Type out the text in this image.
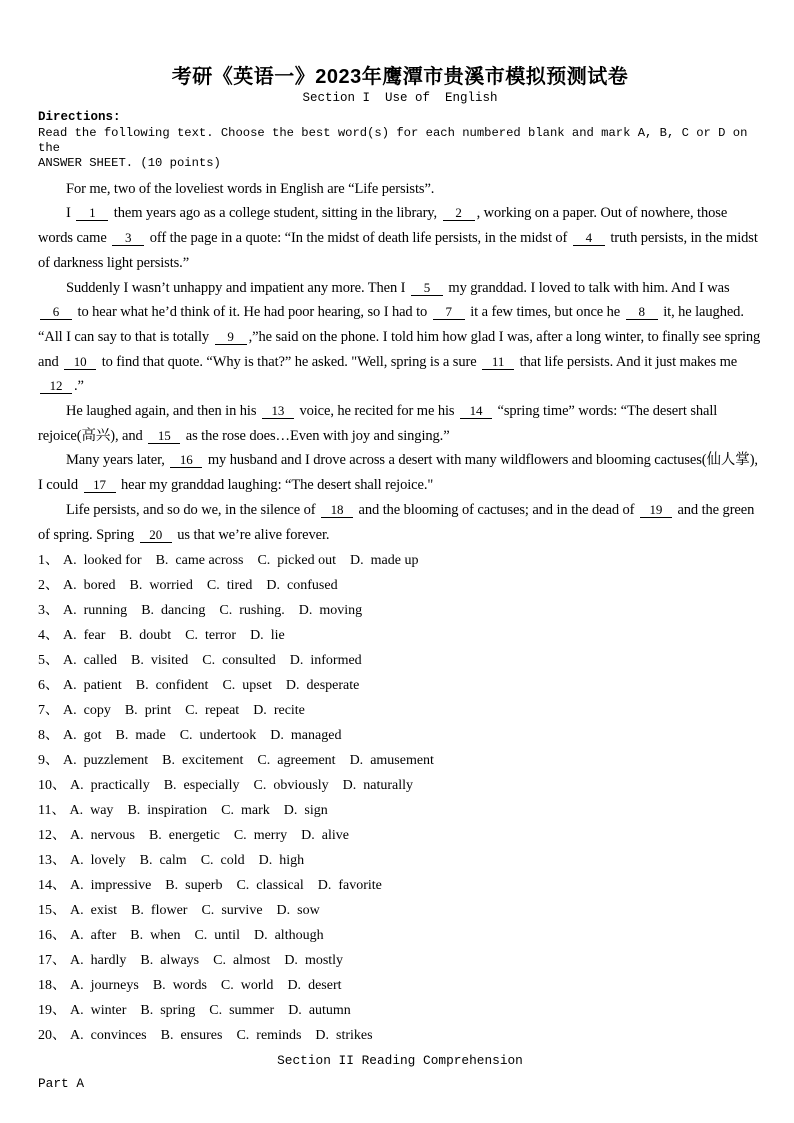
考研《英语一》2023年鹰潭市贵溪市模拟预测试卷
Section I  Use of  English
Directions:
Read the following text. Choose the best word(s) for each numbered blank and mark A, B, C or D on the
ANSWER SHEET. (10 points)

For me, two of the loveliest words in English are “Life persists”.

I 1 them years ago as a college student, sitting in the library, 2 , working on a paper. Out of nowhere, those words came 3 off the page in a quote: “In the midst of death life persists, in the midst of 4 truth persists, in the midst of darkness light persists.”

Suddenly I wasn’t unhappy and impatient any more. Then I 5 my granddad. I loved to talk with him. And I was 6 to hear what he’d think of it. He had poor hearing, so I had to 7 it a few times, but once he 8 it, he laughed. “All I can say to that is totally 9 ,”he said on the phone. I told him how glad I was, after a long winter, to finally see spring and 10 to find that quote. “Why is that?” he asked. "Well, spring is a sure 11 that life persists. And it just makes me 12 .”

He laughed again, and then in his 13 voice, he recited for me his 14 “spring time” words: “The desert shall rejoice(高兴), and 15 as the rose does…Even with joy and singing.”

Many years later, 16 my husband and I drove across a desert with many wildflowers and blooming cactuses(仙人掌), I could 17 hear my granddad laughing: “The desert shall rejoice."

Life persists, and so do we, in the silence of 18 and the blooming of cactuses; and in the dead of 19 and the green of spring. Spring 20 us that we’re alive forever.

1、 A. looked for B. came across C. picked out D. made up
2、 A. bored B. worried C. tired D. confused
3、 A. running B. dancing C. rushing. D. moving
4、 A. fear B. doubt C. terror D. lie
5、 A. called B. visited C. consulted D. informed
6、 A. patient B. confident C. upset D. desperate
7、 A. copy B. print C. repeat D. recite
8、 A. got B. made C. undertook D. managed
9、 A. puzzlement B. excitement C. agreement D. amusement
10、 A. practically B. especially C. obviously D. naturally
11、 A. way B. inspiration C. mark D. sign
12、 A. nervous B. energetic C. merry D. alive
13、 A. lovely B. calm C. cold D. high
14、 A. impressive B. superb C. classical D. favorite
15、 A. exist B. flower C. survive D. sow
16、 A. after B. when C. until D. although
17、 A. hardly B. always C. almost D. mostly
18、 A. journeys B. words C. world D. desert
19、 A. winter B. spring C. summer D. autumn
20、 A. convinces B. ensures C. reminds D. strikes
Section II Reading Comprehension
Part A
